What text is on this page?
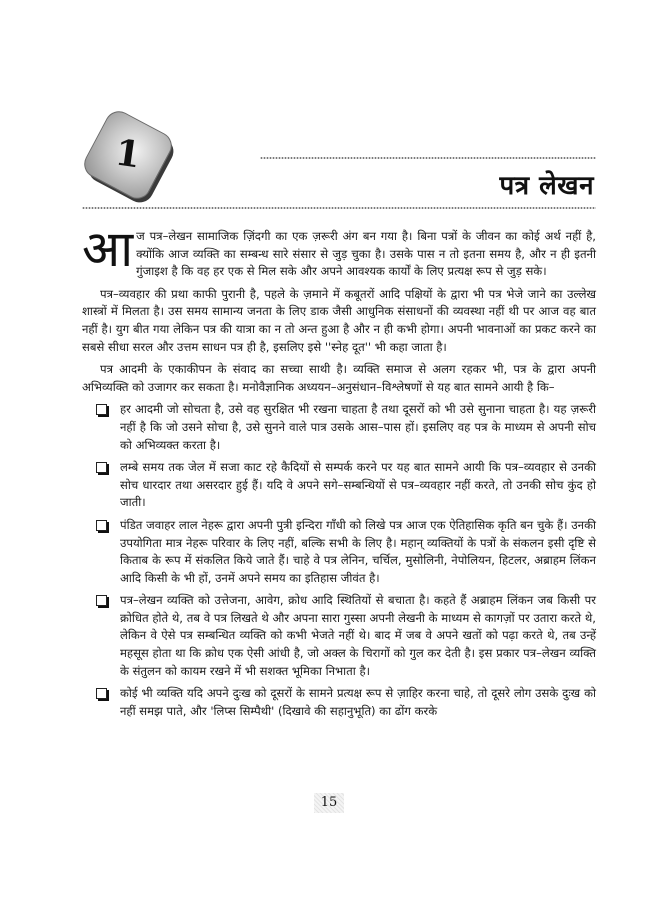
1
पत्र लेखन

आज पत्र–लेखन सामाजिक ज़िंदगी का एक ज़रूरी अंग बन गया है। बिना पत्रों के जीवन का कोई अर्थ नहीं है, क्योंकि आज व्यक्ति का सम्बन्ध सारे संसार से जुड़ चुका है। उसके पास न तो इतना समय है, और न ही इतनी गुंजाइश है कि वह हर एक से मिल सके और अपने आवश्यक कार्यों के लिए प्रत्यक्ष रूप से जुड़ सके।

पत्र–व्यवहार की प्रथा काफी पुरानी है, पहले के ज़माने में कबूतरों आदि पक्षियों के द्वारा भी पत्र भेजे जाने का उल्लेख शास्त्रों में मिलता है। उस समय सामान्य जनता के लिए डाक जैसी आधुनिक संसाधनों की व्यवस्था नहीं थी पर आज वह बात नहीं है। युग बीत गया लेकिन पत्र की यात्रा का न तो अन्त हुआ है और न ही कभी होगा। अपनी भावनाओं का प्रकट करने का सबसे सीधा सरल और उत्तम साधन पत्र ही है, इसलिए इसे ''स्नेह दूत'' भी कहा जाता है।

पत्र आदमी के एकाकीपन के संवाद का सच्चा साथी है। व्यक्ति समाज से अलग रहकर भी, पत्र के द्वारा अपनी अभिव्यक्ति को उजागर कर सकता है। मनोवैज्ञानिक अध्ययन–अनुसंधान–विश्लेषणों से यह बात सामने आयी है कि–

हर आदमी जो सोचता है, उसे वह सुरक्षित भी रखना चाहता है तथा दूसरों को भी उसे सुनाना चाहता है। यह ज़रूरी नहीं है कि जो उसने सोचा है, उसे सुनने वाले पात्र उसके आस–पास हों। इसलिए वह पत्र के माध्यम से अपनी सोच को अभिव्यक्त करता है।
लम्बे समय तक जेल में सजा काट रहे कैदियों से सम्पर्क करने पर यह बात सामने आयी कि पत्र–व्यवहार से उनकी सोच धारदार तथा असरदार हुई हैं। यदि वे अपने सगे–सम्बन्धियों से पत्र–व्यवहार नहीं करते, तो उनकी सोच कुंद हो जाती।
पंडित जवाहर लाल नेहरू द्वारा अपनी पुत्री इन्दिरा गाँधी को लिखे पत्र आज एक ऐतिहासिक कृति बन चुके हैं। उनकी उपयोगिता मात्र नेहरू परिवार के लिए नहीं, बल्कि सभी के लिए है। महान् व्यक्तियों के पत्रों के संकलन इसी दृष्टि से किताब के रूप में संकलित किये जाते हैं। चाहे वे पत्र लेनिन, चर्चिल, मुसोलिनी, नेपोलियन, हिटलर, अब्राहम लिंकन आदि किसी के भी हों, उनमें अपने समय का इतिहास जीवंत है।
पत्र–लेखन व्यक्ति को उत्तेजना, आवेग, क्रोध आदि स्थितियों से बचाता है। कहते हैं अब्राहम लिंकन जब किसी पर क्रोधित होते थे, तब वे पत्र लिखते थे और अपना सारा गुस्सा अपनी लेखनी के माध्यम से कागज़ों पर उतारा करते थे, लेकिन वे ऐसे पत्र सम्बन्धित व्यक्ति को कभी भेजते नहीं थे। बाद में जब वे अपने खतों को पढ़ा करते थे, तब उन्हें महसूस होता था कि क्रोध एक ऐसी आंधी है, जो अक्ल के चिरागों को गुल कर देती है। इस प्रकार पत्र–लेखन व्यक्ति के संतुलन को कायम रखने में भी सशक्त भूमिका निभाता है।
कोई भी व्यक्ति यदि अपने दुःख को दूसरों के सामने प्रत्यक्ष रूप से ज़ाहिर करना चाहे, तो दूसरे लोग उसके दुःख को नहीं समझ पाते, और 'लिप्स सिम्पैथी' (दिखावे की सहानुभूति) का ढोंग करके
15
